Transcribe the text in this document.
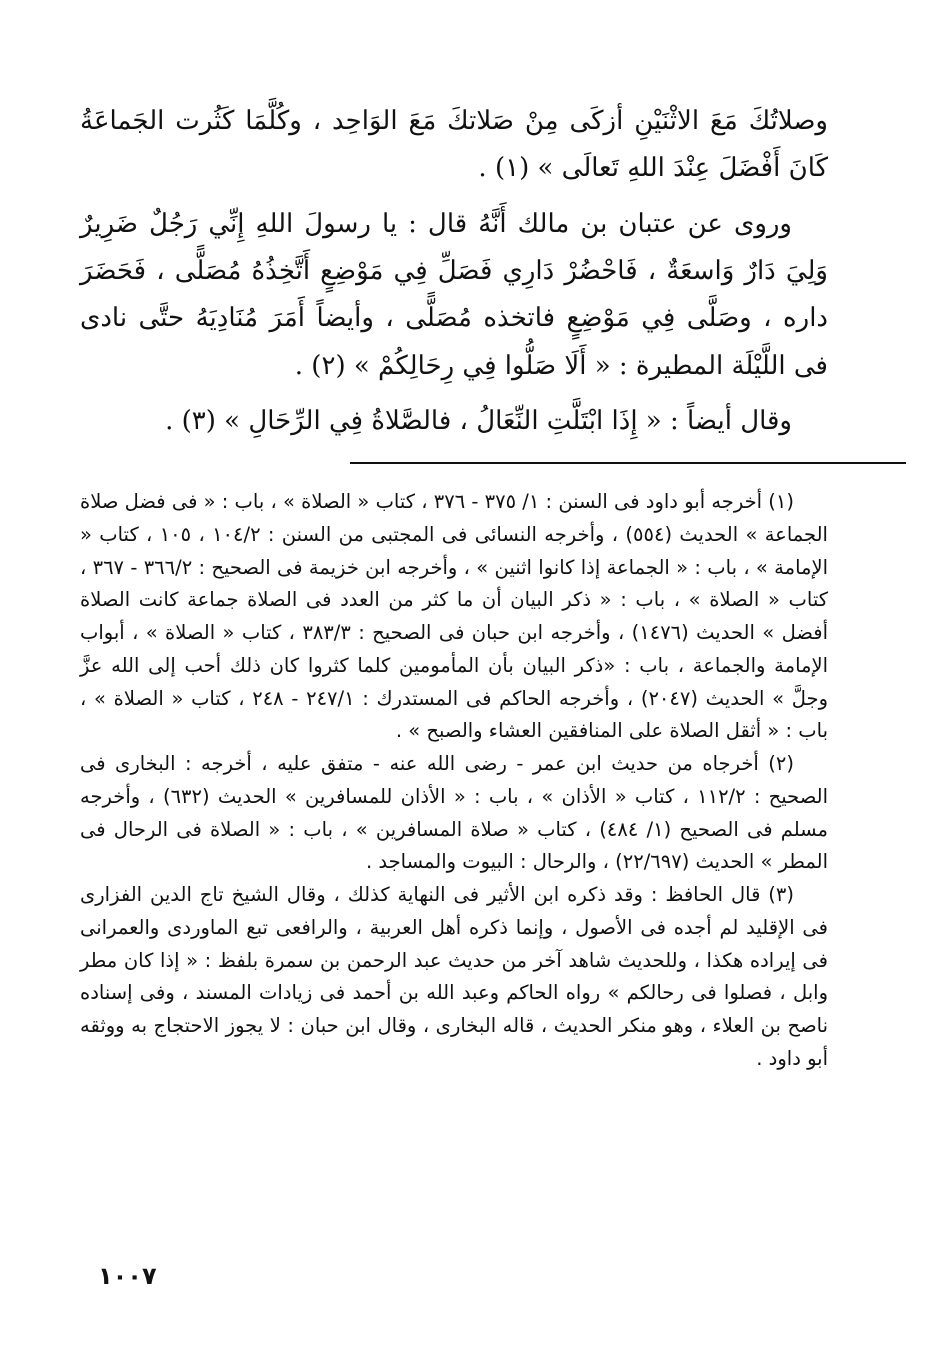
وصلاتُكَ مَعَ الاثْنَيْنِ أزكَى مِنْ صَلاتكَ مَعَ الوَاحِد ، وكُلَّمَا كَثُرت الجَماعَةُ كَانَ أَفْضَلَ عِنْدَ اللهِ تَعالَى » (١) .

وروى عن عتبان بن مالك أَنَّهُ قال : يا رسولَ اللهِ إِنِّي رَجُلٌ ضَرِيرٌ وَلِيَ دَارٌ وَاسعَةٌ ، فَاحْضُرْ دَارِي فَصَلِّ فِي مَوْضِعٍ أَتَّخِذُهُ مُصَلًّى ، فَحَضَرَ داره ، وصَلَّى فِي مَوْضِعٍ فاتخذه مُصَلًّى ، وأيضاً أَمَرَ مُنَادِيَهُ حتَّى نادى فى اللَّيْلَة المطيرة : « أَلَا صَلُّوا فِي رِحَالِكُمْ » (٢) .

وقال أيضاً : « إِذَا ابْتَلَّتِ النِّعَالُ ، فالصَّلاةُ فِي الرِّحَالِ » (٣) .

(١) أخرجه أبو داود فى السنن : ١/ ٣٧٥ - ٣٧٦ ، كتاب « الصلاة » ، باب : « فى فضل صلاة الجماعة » الحديث (٥٥٤) ، وأخرجه النسائى فى المجتبى من السنن : ١٠٤/٢ ، ١٠٥ ، كتاب « الإمامة » ، باب : « الجماعة إذا كانوا اثنين » ، وأخرجه ابن خزيمة فى الصحيح : ٣٦٦/٢ - ٣٦٧ ، كتاب « الصلاة » ، باب : « ذكر البيان أن ما كثر من العدد فى الصلاة جماعة كانت الصلاة أفضل » الحديث (١٤٧٦) ، وأخرجه ابن حبان فى الصحيح : ٣٨٣/٣ ، كتاب « الصلاة » ، أبواب الإمامة والجماعة ، باب : «ذكر البيان بأن المأمومين كلما كثروا كان ذلك أحب إلى الله عزَّ وجلَّ » الحديث (٢٠٤٧) ، وأخرجه الحاكم فى المستدرك : ٢٤٧/١ - ٢٤٨ ، كتاب « الصلاة » ، باب : « أثقل الصلاة على المنافقين العشاء والصبح » .

(٢) أخرجاه من حديث ابن عمر - رضى الله عنه - متفق عليه ، أخرجه : البخارى فى الصحيح : ١١٢/٢ ، كتاب « الأذان » ، باب : « الأذان للمسافرين » الحديث (٦٣٢) ، وأخرجه مسلم فى الصحيح (١/ ٤٨٤) ، كتاب « صلاة المسافرين » ، باب : « الصلاة فى الرحال فى المطر » الحديث (٢٢/٦٩٧) ، والرحال : البيوت والمساجد .

(٣) قال الحافظ : وقد ذكره ابن الأثير فى النهاية كذلك ، وقال الشيخ تاج الدين الفزارى فى الإقليد لم أجده فى الأصول ، وإنما ذكره أهل العربية ، والرافعى تبع الماوردى والعمرانى فى إيراده هكذا ، وللحديث شاهد آخر من حديث عبد الرحمن بن سمرة بلفظ : « إذا كان مطر وابل ، فصلوا فى رحالكم » رواه الحاكم وعبد الله بن أحمد فى زيادات المسند ، وفى إسناده ناصح بن العلاء ، وهو منكر الحديث ، قاله البخارى ، وقال ابن حبان : لا يجوز الاحتجاج به ووثقه أبو داود .

١٠٠٧
